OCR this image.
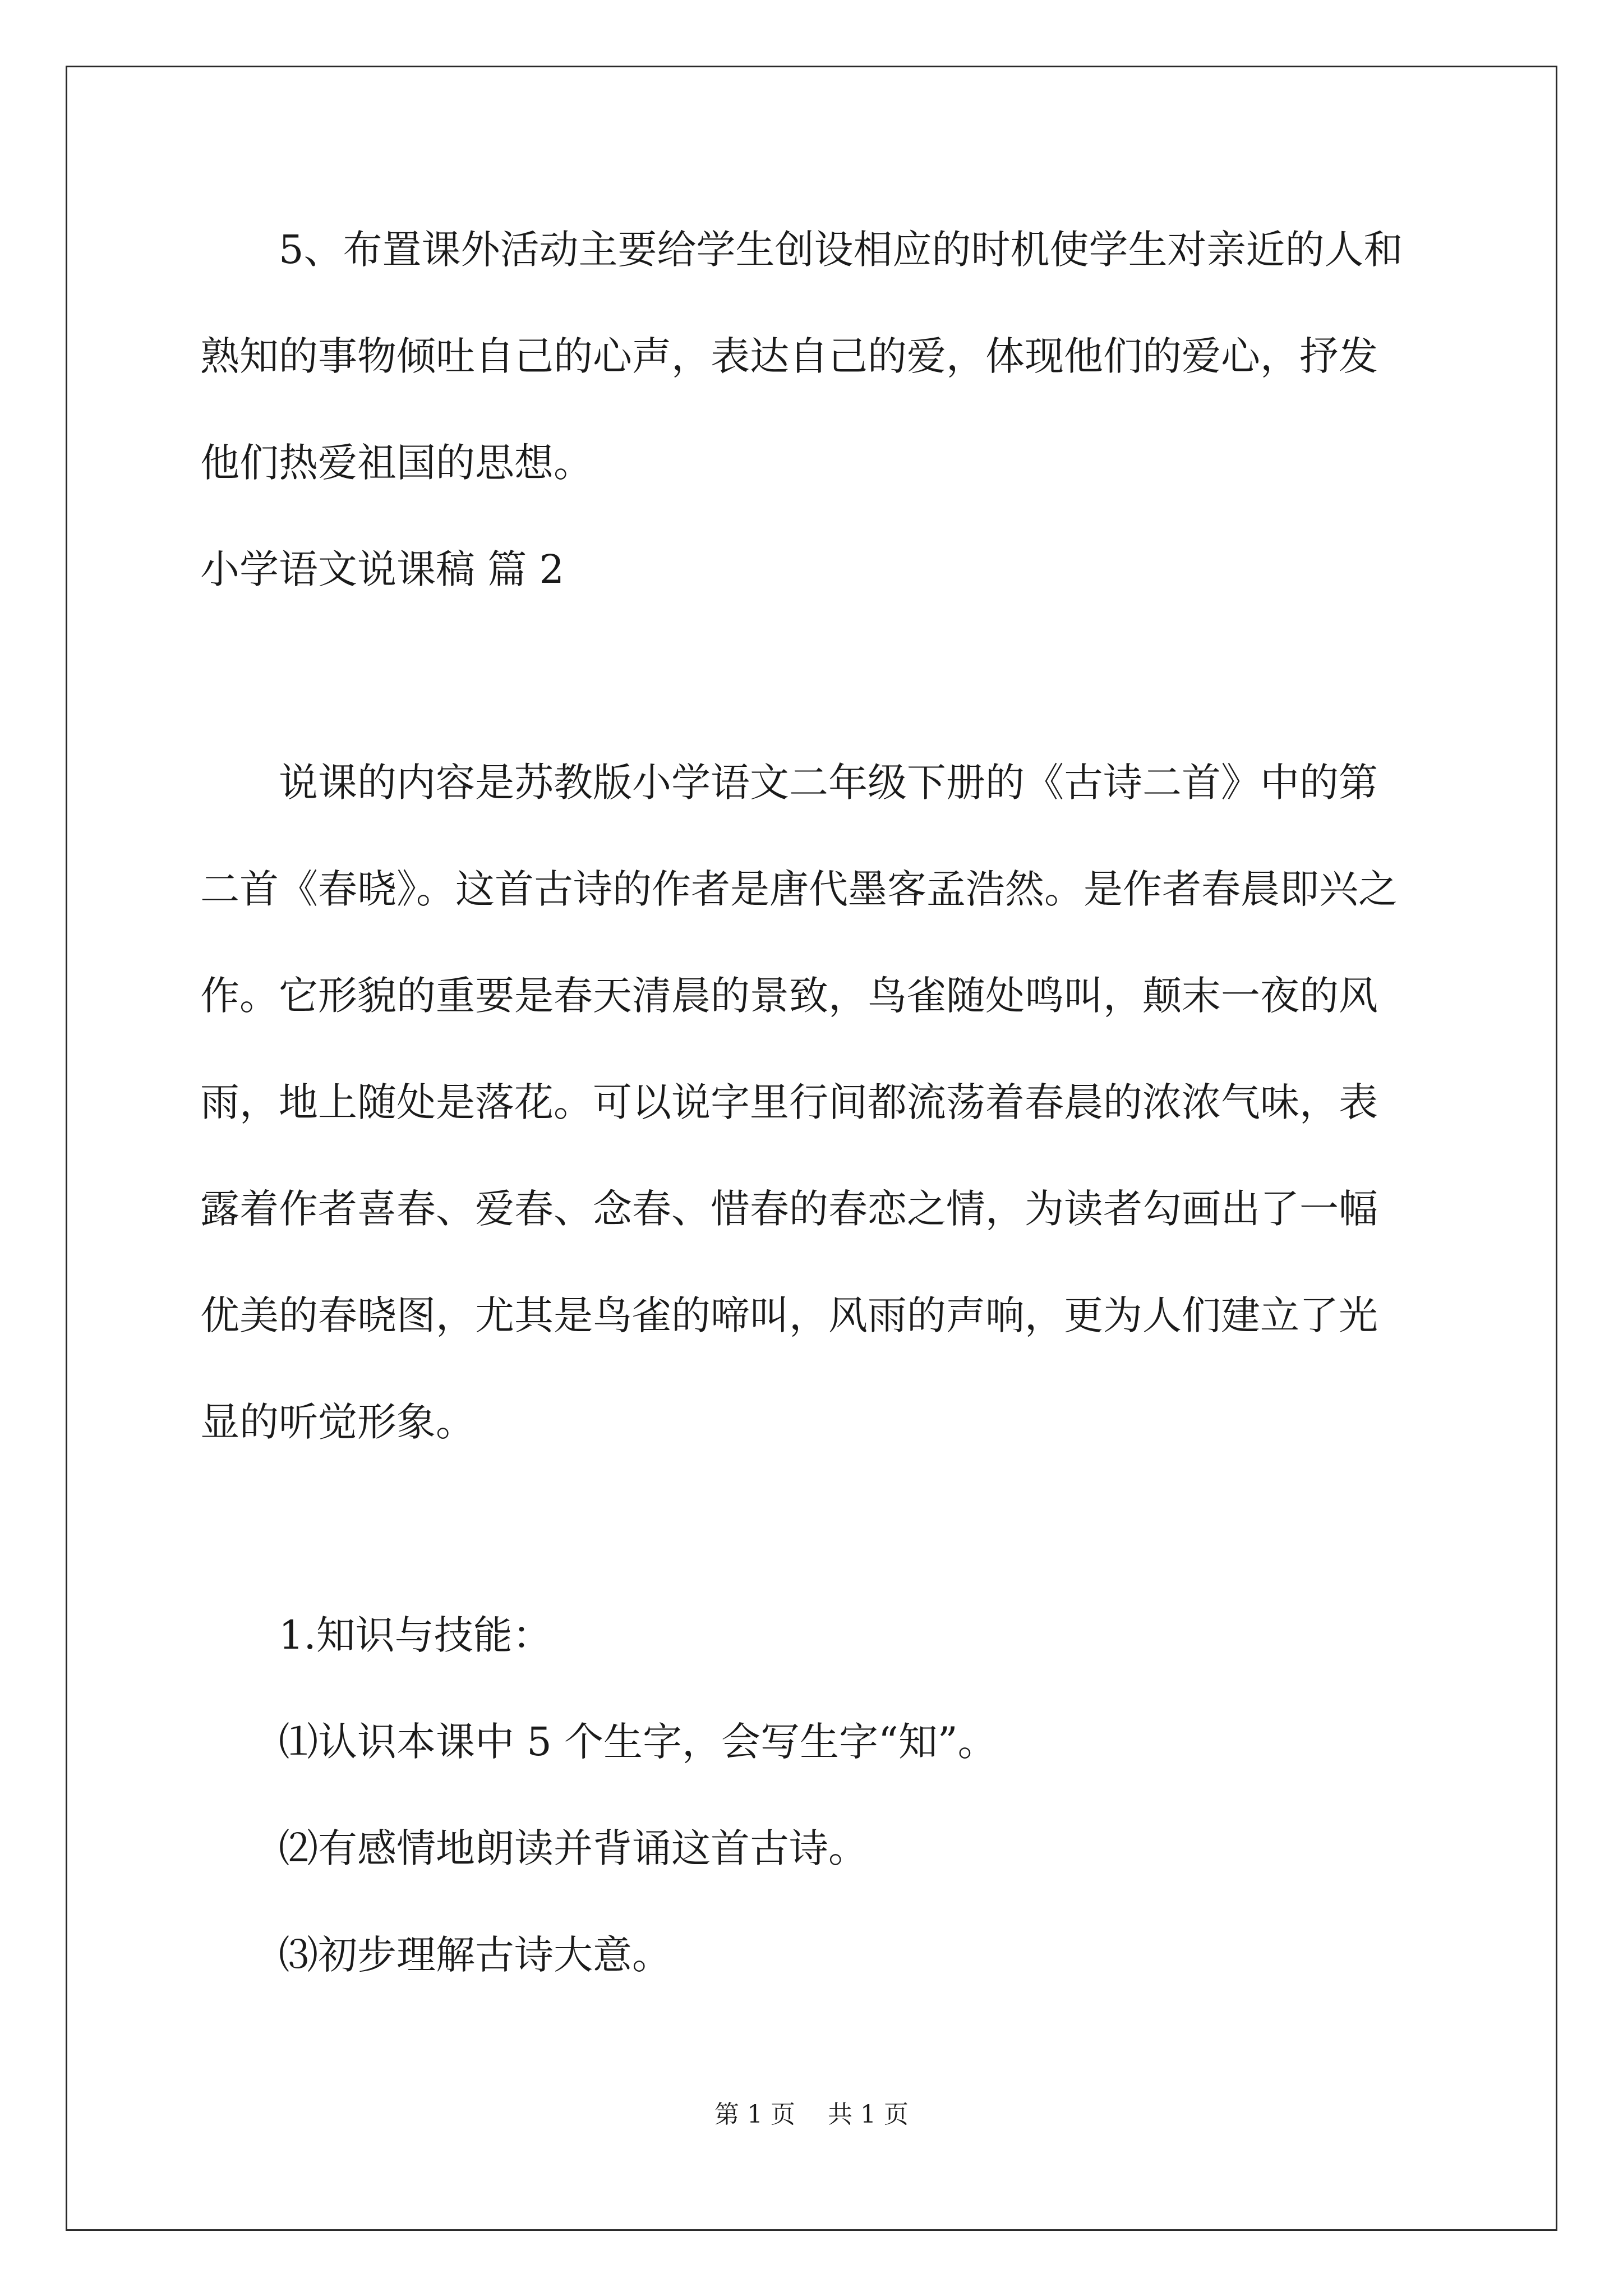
5、布置课外活动主要给学生创设相应的时机使学生对亲近的人和
熟知的事物倾吐自己的心声，表达自己的爱，体现他们的爱心，抒发
他们热爱祖国的思想。
小学语文说课稿 篇 2
说课的内容是苏教版小学语文二年级下册的《古诗二首》中的第
二首《春晓》。这首古诗的作者是唐代墨客孟浩然。是作者春晨即兴之
作。它形貌的重要是春天清晨的景致，鸟雀随处鸣叫，颠末一夜的风
雨，地上随处是落花。可以说字里行间都流荡着春晨的浓浓气味，表
露着作者喜春、爱春、念春、惜春的春恋之情，为读者勾画出了一幅
优美的春晓图，尤其是鸟雀的啼叫，风雨的声响，更为人们建立了光
显的听觉形象。
1.知识与技能：
⑴认识本课中 5 个生字，会写生字“知”。
⑵有感情地朗读并背诵这首古诗。
⑶初步理解古诗大意。
第 1 页 共 1 页
